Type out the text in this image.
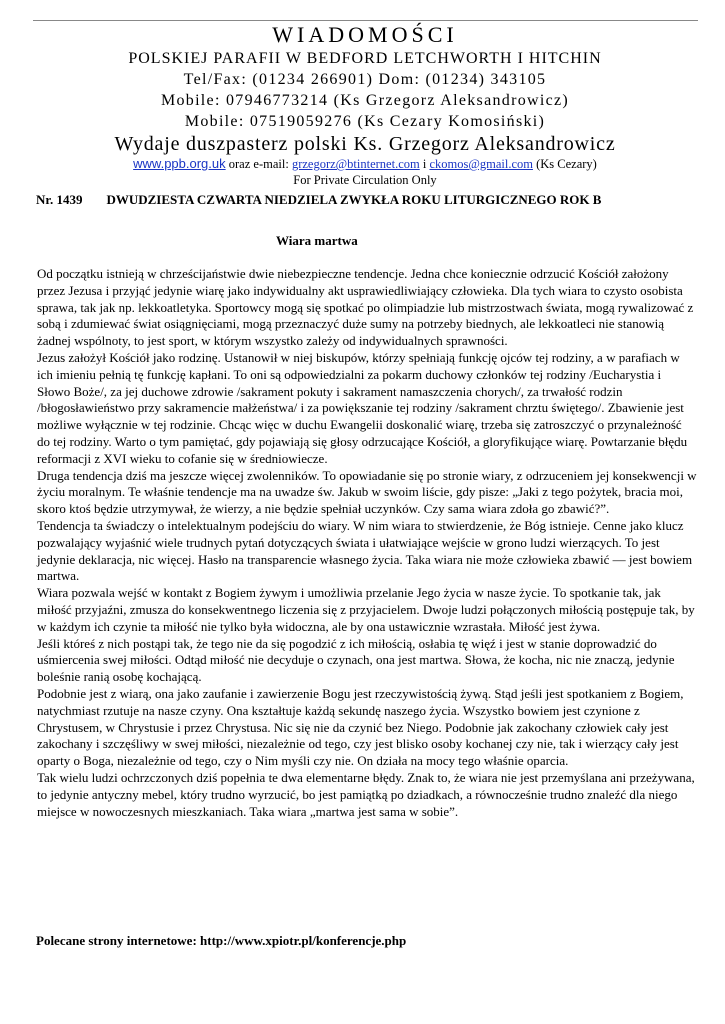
WIADOMOŚCI

POLSKIEJ PARAFII W BEDFORD LETCHWORTH I HITCHIN

Tel/Fax: (01234 266901) Dom: (01234) 343105

Mobile: 07946773214 (Ks Grzegorz Aleksandrowicz)

Mobile: 07519059276 (Ks Cezary Komosiński)

Wydaje duszpasterz polski Ks. Grzegorz Aleksandrowicz

www.ppb.org.uk oraz e-mail: grzegorz@btinternet.com i ckomos@gmail.com (Ks Cezary)

For Private Circulation Only

Nr. 1439 DWUDZIESTA CZWARTA NIEDZIELA ZWYKŁA ROKU LITURGICZNEGO ROK B
Wiara martwa

Od początku istnieją w chrześcijaństwie dwie niebezpieczne tendencje. Jedna chce koniecznie odrzucić Kościół założony przez Jezusa i przyjąć jedynie wiarę jako indywidualny akt usprawiedliwiający człowieka. Dla tych wiara to czysto osobista sprawa, tak jak np. lekkoatletyka. Sportowcy mogą się spotkać po olimpiadzie lub mistrzostwach świata, mogą rywalizować z sobą i zdumiewać świat osiągnięciami, mogą przeznaczyć duże sumy na potrzeby biednych, ale lekkoatleci nie stanowią żadnej wspólnoty, to jest sport, w którym wszystko zależy od indywidualnych sprawności.

Jezus założył Kościół jako rodzinę. Ustanowił w niej biskupów, którzy spełniają funkcję ojców tej rodziny, a w parafiach w ich imieniu pełnią tę funkcję kapłani. To oni są odpowiedzialni za pokarm duchowy członków tej rodziny /Eucharystia i Słowo Boże/, za jej duchowe zdrowie /sakrament pokuty i sakrament namaszczenia chorych/, za trwałość rodzin /błogosławieństwo przy sakramencie małżeństwa/ i za powiększanie tej rodziny /sakrament chrztu świętego/. Zbawienie jest możliwe wyłącznie w tej rodzinie. Chcąc więc w duchu Ewangelii doskonalić wiarę, trzeba się zatroszczyć o przynależność do tej rodziny. Warto o tym pamiętać, gdy pojawiają się głosy odrzucające Kościół, a gloryfikujące wiarę. Powtarzanie błędu reformacji z XVI wieku to cofanie się w średniowiecze.

Druga tendencja dziś ma jeszcze więcej zwolenników. To opowiadanie się po stronie wiary, z odrzuceniem jej konsekwencji w życiu moralnym. Te właśnie tendencje ma na uwadze św. Jakub w swoim liście, gdy pisze: „Jaki z tego pożytek, bracia moi, skoro ktoś będzie utrzymywał, że wierzy, a nie będzie spełniał uczynków. Czy sama wiara zdoła go zbawić?”.

Tendencja ta świadczy o intelektualnym podejściu do wiary. W nim wiara to stwierdzenie, że Bóg istnieje. Cenne jako klucz pozwalający wyjaśnić wiele trudnych pytań dotyczących świata i ułatwiające wejście w grono ludzi wierzących. To jest jedynie deklaracja, nic więcej. Hasło na transparencie własnego życia. Taka wiara nie może człowieka zbawić — jest bowiem martwa.

Wiara pozwala wejść w kontakt z Bogiem żywym i umożliwia przelanie Jego życia w nasze życie. To spotkanie tak, jak miłość przyjaźni, zmusza do konsekwentnego liczenia się z przyjacielem. Dwoje ludzi połączonych miłością postępuje tak, by w każdym ich czynie ta miłość nie tylko była widoczna, ale by ona ustawicznie wzrastała. Miłość jest żywa.

Jeśli któreś z nich postąpi tak, że tego nie da się pogodzić z ich miłością, osłabia tę więź i jest w stanie doprowadzić do uśmiercenia swej miłości. Odtąd miłość nie decyduje o czynach, ona jest martwa. Słowa, że kocha, nic nie znaczą, jedynie boleśnie ranią osobę kochającą.

Podobnie jest z wiarą, ona jako zaufanie i zawierzenie Bogu jest rzeczywistością żywą. Stąd jeśli jest spotkaniem z Bogiem, natychmiast rzutuje na nasze czyny. Ona kształtuje każdą sekundę naszego życia. Wszystko bowiem jest czynione z Chrystusem, w Chrystusie i przez Chrystusa. Nic się nie da czynić bez Niego. Podobnie jak zakochany człowiek cały jest zakochany i szczęśliwy w swej miłości, niezależnie od tego, czy jest blisko osoby kochanej czy nie, tak i wierzący cały jest oparty o Boga, niezależnie od tego, czy o Nim myśli czy nie. On działa na mocy tego właśnie oparcia.

Tak wielu ludzi ochrzczonych dziś popełnia te dwa elementarne błędy. Znak to, że wiara nie jest przemyślana ani przeżywana, to jedynie antyczny mebel, który trudno wyrzucić, bo jest pamiątką po dziadkach, a równocześnie trudno znaleźć dla niego miejsce w nowoczesnych mieszkaniach. Taka wiara „martwa jest sama w sobie”.

Polecane strony internetowe: http://www.xpiotr.pl/konferencje.php
